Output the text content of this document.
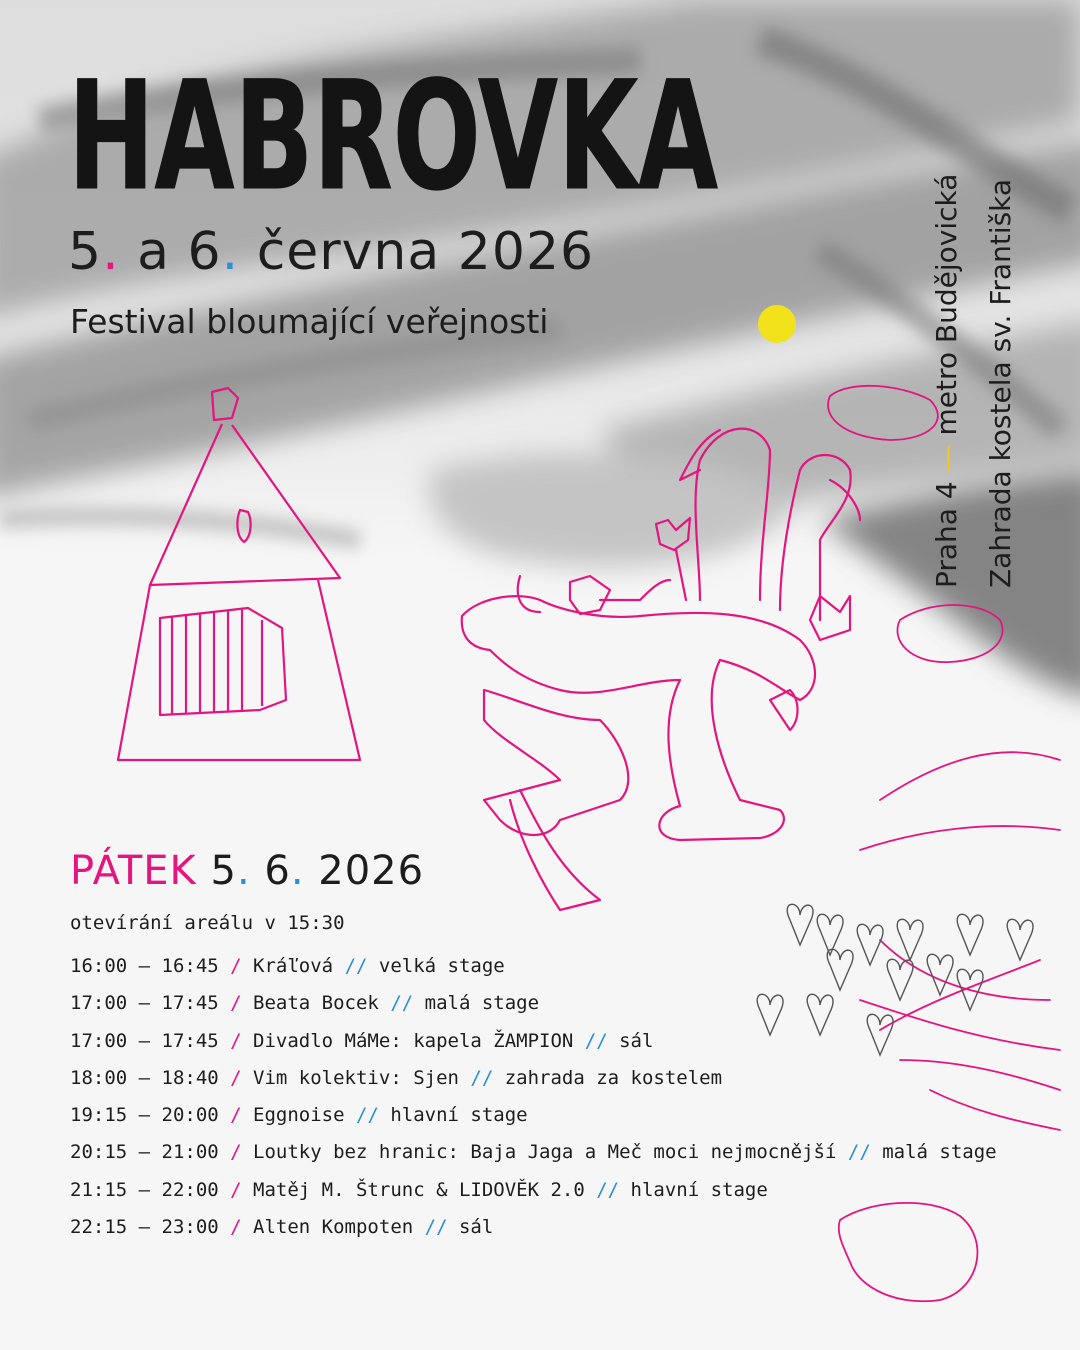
HABROVKA
5. a 6. června 2026
Festival bloumající veřejnosti
Praha 4 — metro Budějovická Zahrada kostela sv. Františka
PÁTEK 5. 6. 2026
otevírání areálu v 15:30
16:00 – 16:45 / Kráľová // velká stage
17:00 – 17:45 / Beata Bocek // malá stage
17:00 – 17:45 / Divadlo MáMe: kapela ŽAMPION // sál
18:00 – 18:40 / Vim kolektiv: Sjen // zahrada za kostelem
19:15 – 20:00 / Eggnoise // hlavní stage
20:15 – 21:00 / Loutky bez hranic: Baja Jaga a Meč moci nejmocnější // malá stage
21:15 – 22:00 / Matěj M. Štrunc & LIDOVĚK 2.0 // hlavní stage
22:15 – 23:00 / Alten Kompoten // sál
